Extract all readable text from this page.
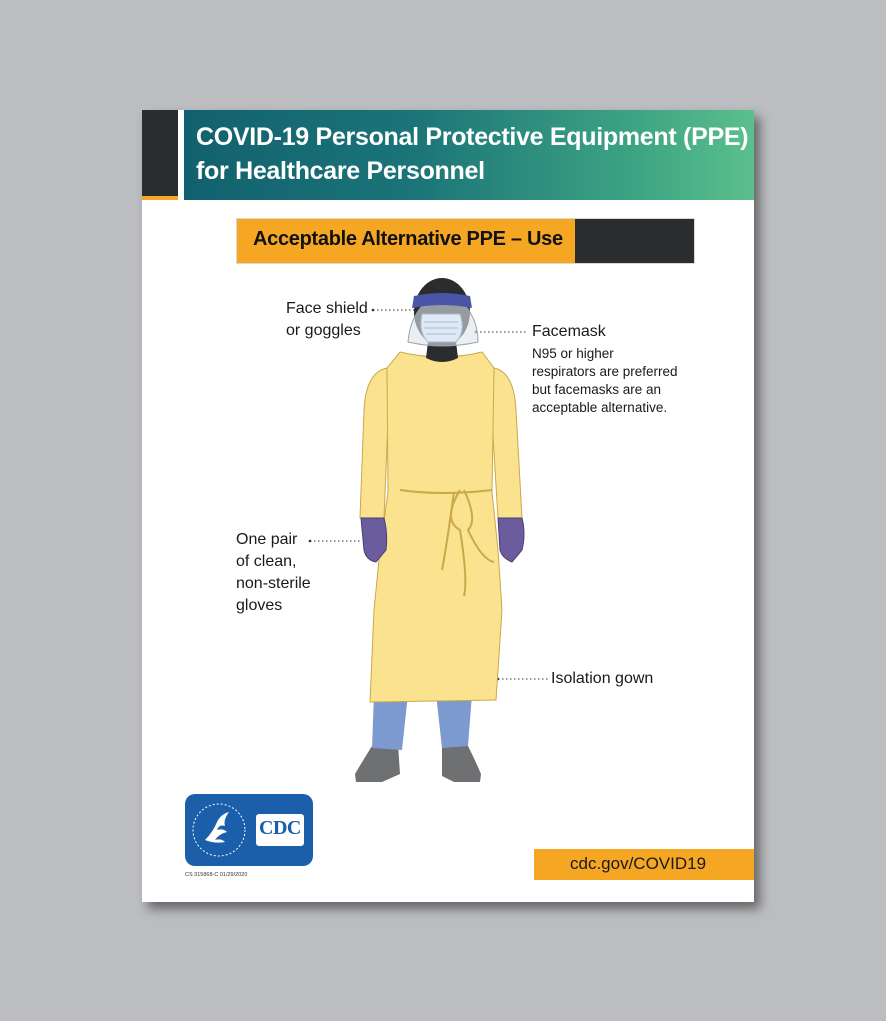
COVID-19 Personal Protective Equipment (PPE)
for Healthcare Personnel
Acceptable Alternative PPE – Use
Face shield
or goggles	Facemask
N95 or higher
respirators are preferred
but facemasks are an
acceptable alternative.
One pair
of clean,
non-sterile
gloves
Isolation gown
CDC
CS 315868-C 01/29/2020
cdc.gov/COVID19
